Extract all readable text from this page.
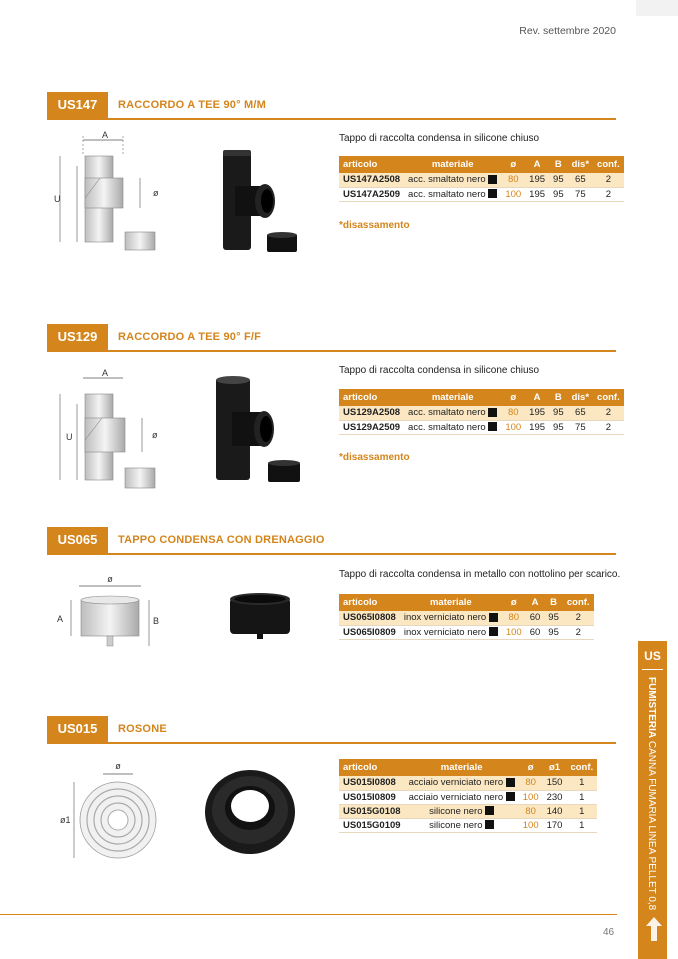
Rev. settembre 2020
US147	RACCORDO A TEE 90° M/M
A
U
ø
Tappo di raccolta condensa in silicone chiuso
articolo	materiale	ø	A	B	dis*	conf.
US147A2508	acc. smaltato nero	80	195	95	65	2
US147A2509	acc. smaltato nero	100	195	95	75	2
*disassamento
US129	RACCORDO A TEE 90° F/F
A
U	ø
Tappo di raccolta condensa in silicone chiuso
articolo	materiale	ø	A	B	dis*	conf.
US129A2508	acc. smaltato nero	80	195	95	65	2
US129A2509	acc. smaltato nero	100	195	95	75	2
*disassamento
US065	TAPPO CONDENSA CON DRENAGGIO
ø
A	B
Tappo di raccolta condensa in metallo con nottolino per scarico.
articolo	materiale	ø	A	B	conf.
US065I0808	inox verniciato nero	80	60	95	2
US065I0809	inox verniciato nero	100	60	95	2
US015	ROSONE
ø
ø1
articolo	materiale	ø	ø1	conf.
US015I0808	acciaio verniciato nero	80	150	1
US015I0809	acciaio verniciato nero	100	230	1
US015G0108	silicone nero	80	140	1
US015G0109	silicone nero	100	170	1
US
FUMISTERIA CANNA FUMARIA LINEA PELLET 0,8
46
